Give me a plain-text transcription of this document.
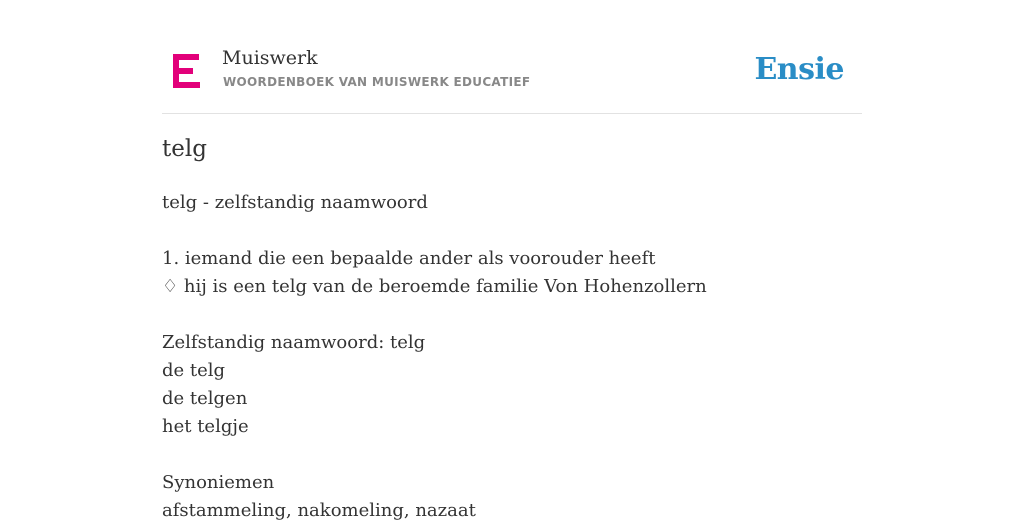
Muiswerk
WOORDENBOEK VAN MUISWERK EDUCATIEF	Ensie
telg
telg - zelfstandig naamwoord
1. iemand die een bepaalde ander als voorouder heeft
♢ hij is een telg van de beroemde familie Von Hohenzollern
Zelfstandig naamwoord: telg
de telg
de telgen
het telgje
Synoniemen
afstammeling, nakomeling, nazaat
